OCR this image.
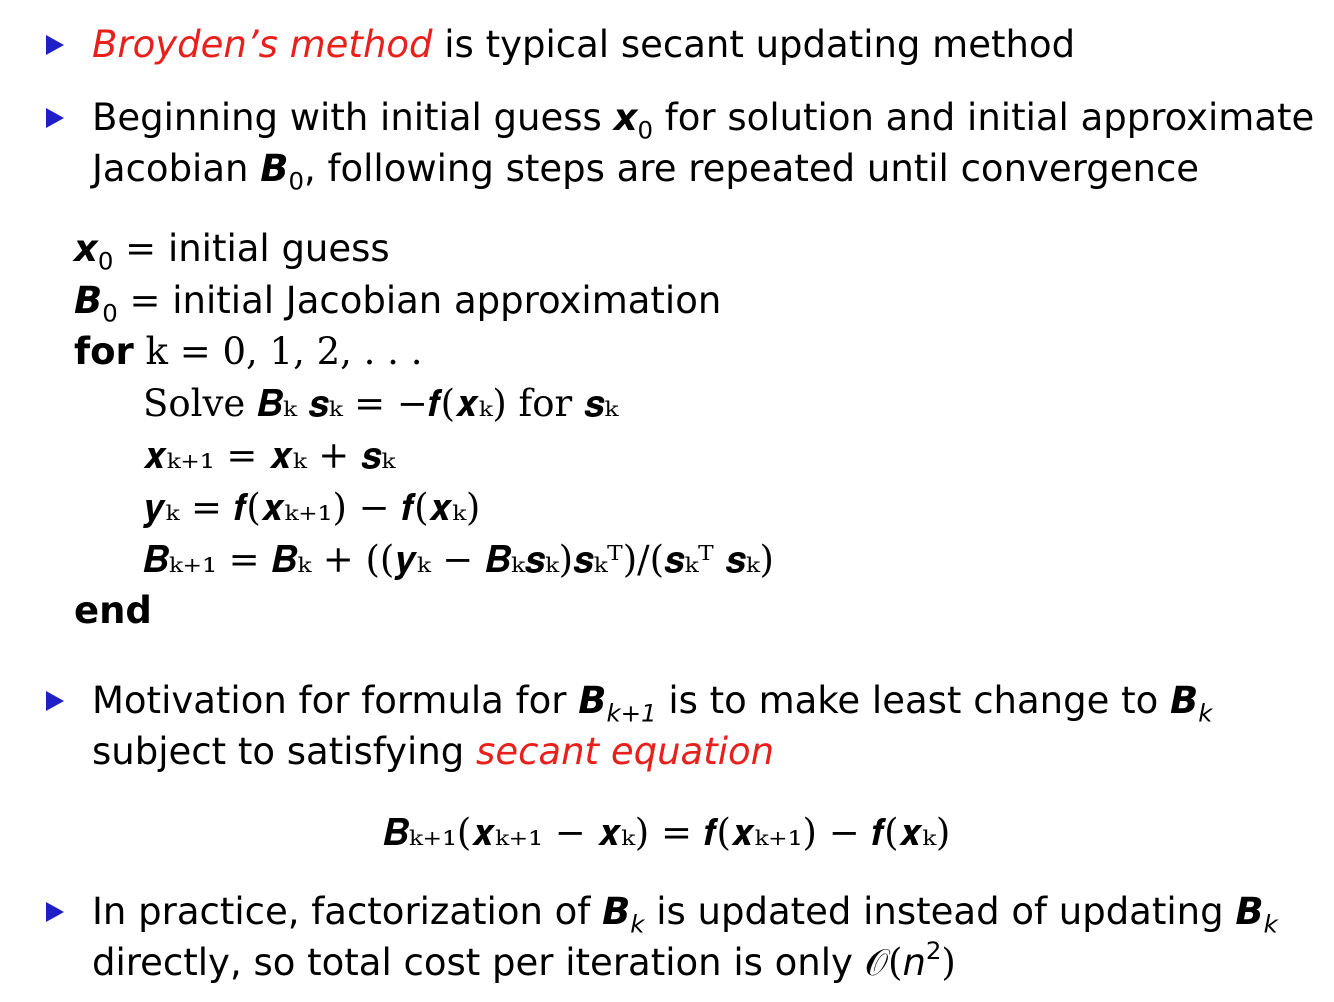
Broyden’s method is typical secant updating method
Beginning with initial guess $x_0$ for solution and initial approximate
Jacobian $B_0$, following steps are repeated until convergence
$x_0$ = initial guess
$B_0$ = initial Jacobian approximation
for k = 0, 1, 2, . . .
Solve 𝑩ₖ 𝒔ₖ = −𝒇(𝒙ₖ) for 𝒔ₖ
𝒙ₖ₊₁ = 𝒙ₖ + 𝒔ₖ
𝒚ₖ = 𝒇(𝒙ₖ₊₁) − 𝒇(𝒙ₖ)
𝑩ₖ₊₁ = 𝑩ₖ + ((𝒚ₖ − 𝑩ₖ𝒔ₖ)𝒔ₖᵀ)/(𝒔ₖᵀ 𝒔ₖ)
end
Motivation for formula for $B_{k+1}$ is to make least change to $B_k$
subject to satisfying secant equation
𝑩ₖ₊₁(𝒙ₖ₊₁ − 𝒙ₖ) = 𝒇(𝒙ₖ₊₁) − 𝒇(𝒙ₖ)
In practice, factorization of $B_k$ is updated instead of updating $B_k$
directly, so total cost per iteration is only $𝒪(n^2)$
